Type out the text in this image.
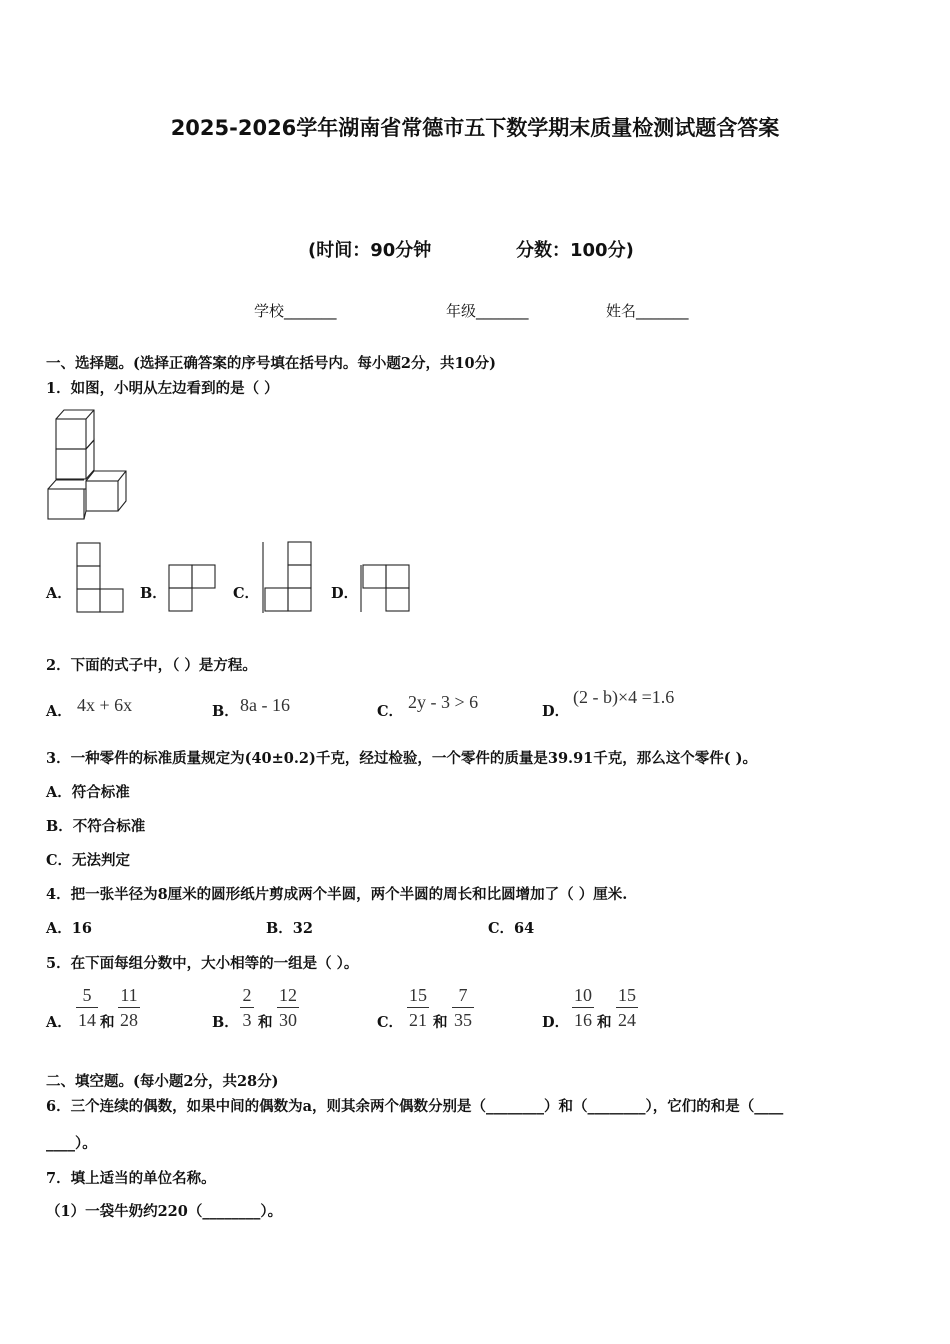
2025-2026学年湖南省常德市五下数学期末质量检测试题含答案
(时间：90分钟	分数：100分)
学校_______	年级_______	姓名_______
一、选择题。(选择正确答案的序号填在括号内。每小题2分，共10分)
1．如图，小明从左边看到的是（ ）
A．	B．	C．	D．
2．下面的式子中，（ ）是方程。
A． 4x + 6x	B． 8a - 16	C． 2y - 3 > 6	D．
(2 - b)×4 =1.6
3．一种零件的标准质量规定为(40±0.2)千克，经过检验，一个零件的质量是39.91千克，那么这个零件( )。
A．符合标准
B．不符合标准
C．无法判定
4．把一张半径为8厘米的圆形纸片剪成两个半圆，两个半圆的周长和比圆增加了（ ）厘米.
A．16	B．32	C．64
5．在下面每组分数中，大小相等的一组是（ ）。
A．
5
14 和
11
28	B．
2
3 和
12
30	C．
15
21 和
7
35	D．
10
16 和
15
24
二、填空题。(每小题2分，共28分)
6．三个连续的偶数，如果中间的偶数为a，则其余两个偶数分别是（________）和（________），它们的和是（____
____）。
7．填上适当的单位名称。
（1）一袋牛奶约220（________）。
